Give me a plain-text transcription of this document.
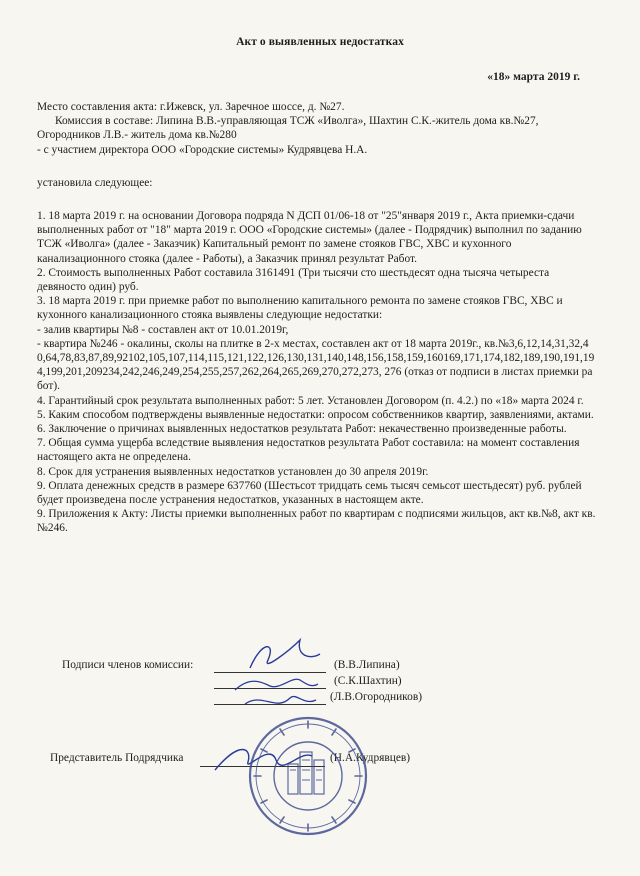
Акт о выявленных недостатках
«18» марта 2019 г.

Место составления акта: г.Ижевск, ул. Заречное шоссе, д. №27.

Комиссия в составе: Липина В.В.-управляющая ТСЖ «Иволга», Шахтин С.К.-житель дома кв.№27,

Огородников Л.В.- житель дома кв.№280

- с участием директора ООО «Городские системы» Кудрявцева Н.А.

установила следующее:

1. 18 марта 2019 г. на основании Договора подряда N ДСП 01/06-18 от "25"января 2019 г., Акта приемки-сдачи выполненных работ от "18" марта 2019 г. ООО «Городские системы» (далее - Подрядчик) выполнил по заданию ТСЖ «Иволга» (далее - Заказчик) Капитальный ремонт по замене стояков ГВС, ХВС и кухонного канализационного стояка (далее - Работы), а Заказчик принял результат Работ.

2. Стоимость выполненных Работ составила 3161491 (Три тысячи сто шестьдесят одна тысяча четыреста девяносто один) руб.

3. 18 марта 2019 г. при приемке работ по выполнению капитального ремонта по замене стояков ГВС, ХВС и кухонного канализационного стояка выявлены следующие недостатки:

- залив квартиры №8 - составлен акт от 10.01.2019г,

- квартира №246 - окалины, сколы на плитке в 2-х местах, составлен акт от 18 марта 2019г., кв.№3,6,12,14,31,32,40,64,78,83,87,89,92102,105,107,114,115,121,122,126,130,131,140,148,156,158,159,160169,171,174,182,189,190,191,194,199,201,209234,242,246,249,254,255,257,262,264,265,269,270,272,273, 276 (отказ от подписи в листах приемки работ).

4. Гарантийный срок результата выполненных работ: 5 лет. Установлен Договором (п. 4.2.) по «18» марта 2024 г.

5. Каким способом подтверждены выявленные недостатки: опросом собственников квартир, заявлениями, актами.

6. Заключение о причинах выявленных недостатков результата Работ: некачественно произведенные работы.

7. Общая сумма ущерба вследствие выявления недостатков результата Работ составила: на момент составления настоящего акта не определена.

8. Срок для устранения выявленных недостатков установлен до 30 апреля 2019г.

9. Оплата денежных средств в размере 637760 (Шестьсот тридцать семь тысяч семьсот шестьдесят) руб. рублей будет произведена после устранения недостатков, указанных в настоящем акте.

9. Приложения к Акту: Листы приемки выполненных работ по квартирам с подписями жильцов, акт кв.№8, акт кв.№246.

Подписи членов комиссии:	(В.В.Липина)
(С.К.Шахтин)
(Л.В.Огородников)
Представитель Подрядчика	(Н.А.Кудрявцев)
